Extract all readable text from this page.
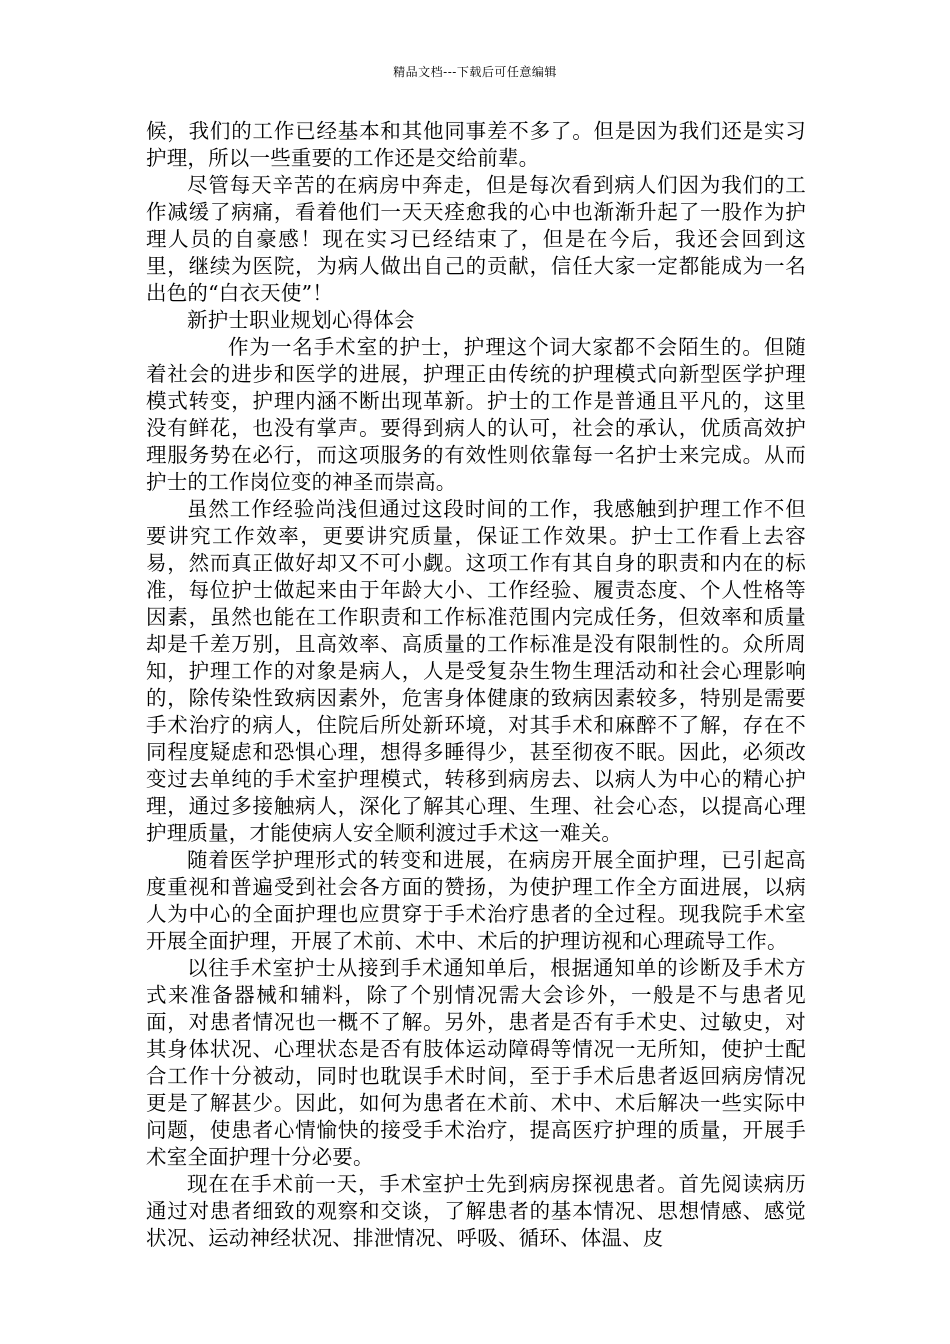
精品文档---下载后可任意编辑

候，我们的工作已经基本和其他同事差不多了。但是因为我们还是实习护理，所以一些重要的工作还是交给前辈。

尽管每天辛苦的在病房中奔走，但是每次看到病人们因为我们的工作减缓了病痛，看着他们一天天痊愈我的心中也渐渐升起了一股作为护理人员的自豪感！现在实习已经结束了，但是在今后，我还会回到这里，继续为医院，为病人做出自己的贡献，信任大家一定都能成为一名出色的“白衣天使”！

新护士职业规划心得体会

作为一名手术室的护士，护理这个词大家都不会陌生的。但随着社会的进步和医学的进展，护理正由传统的护理模式向新型医学护理模式转变，护理内涵不断出现革新。护士的工作是普通且平凡的，这里没有鲜花，也没有掌声。要得到病人的认可，社会的承认，优质高效护理服务势在必行，而这项服务的有效性则依靠每一名护士来完成。从而护士的工作岗位变的神圣而崇高。

虽然工作经验尚浅但通过这段时间的工作，我感触到护理工作不但要讲究工作效率，更要讲究质量，保证工作效果。护士工作看上去容易，然而真正做好却又不可小觑。这项工作有其自身的职责和内在的标准，每位护士做起来由于年龄大小、工作经验、履责态度、个人性格等因素，虽然也能在工作职责和工作标准范围内完成任务，但效率和质量却是千差万别，且高效率、高质量的工作标准是没有限制性的。众所周知，护理工作的对象是病人，人是受复杂生物生理活动和社会心理影响的，除传染性致病因素外，危害身体健康的致病因素较多，特别是需要手术治疗的病人，住院后所处新环境，对其手术和麻醉不了解，存在不同程度疑虑和恐惧心理，想得多睡得少，甚至彻夜不眠。因此，必须改变过去单纯的手术室护理模式，转移到病房去、以病人为中心的精心护理，通过多接触病人，深化了解其心理、生理、社会心态，以提高心理护理质量，才能使病人安全顺利渡过手术这一难关。

随着医学护理形式的转变和进展，在病房开展全面护理，已引起高度重视和普遍受到社会各方面的赞扬，为使护理工作全方面进展，以病人为中心的全面护理也应贯穿于手术治疗患者的全过程。现我院手术室开展全面护理，开展了术前、术中、术后的护理访视和心理疏导工作。

以往手术室护士从接到手术通知单后，根据通知单的诊断及手术方式来准备器械和辅料，除了个别情况需大会诊外，一般是不与患者见面，对患者情况也一概不了解。另外，患者是否有手术史、过敏史，对其身体状况、心理状态是否有肢体运动障碍等情况一无所知，使护士配合工作十分被动，同时也耽误手术时间，至于手术后患者返回病房情况更是了解甚少。因此，如何为患者在术前、术中、术后解决一些实际中问题，使患者心情愉快的接受手术治疗，提高医疗护理的质量，开展手术室全面护理十分必要。

现在在手术前一天，手术室护士先到病房探视患者。首先阅读病历通过对患者细致的观察和交谈，了解患者的基本情况、思想情感、感觉状况、运动神经状况、排泄情况、呼吸、循环、体温、皮
